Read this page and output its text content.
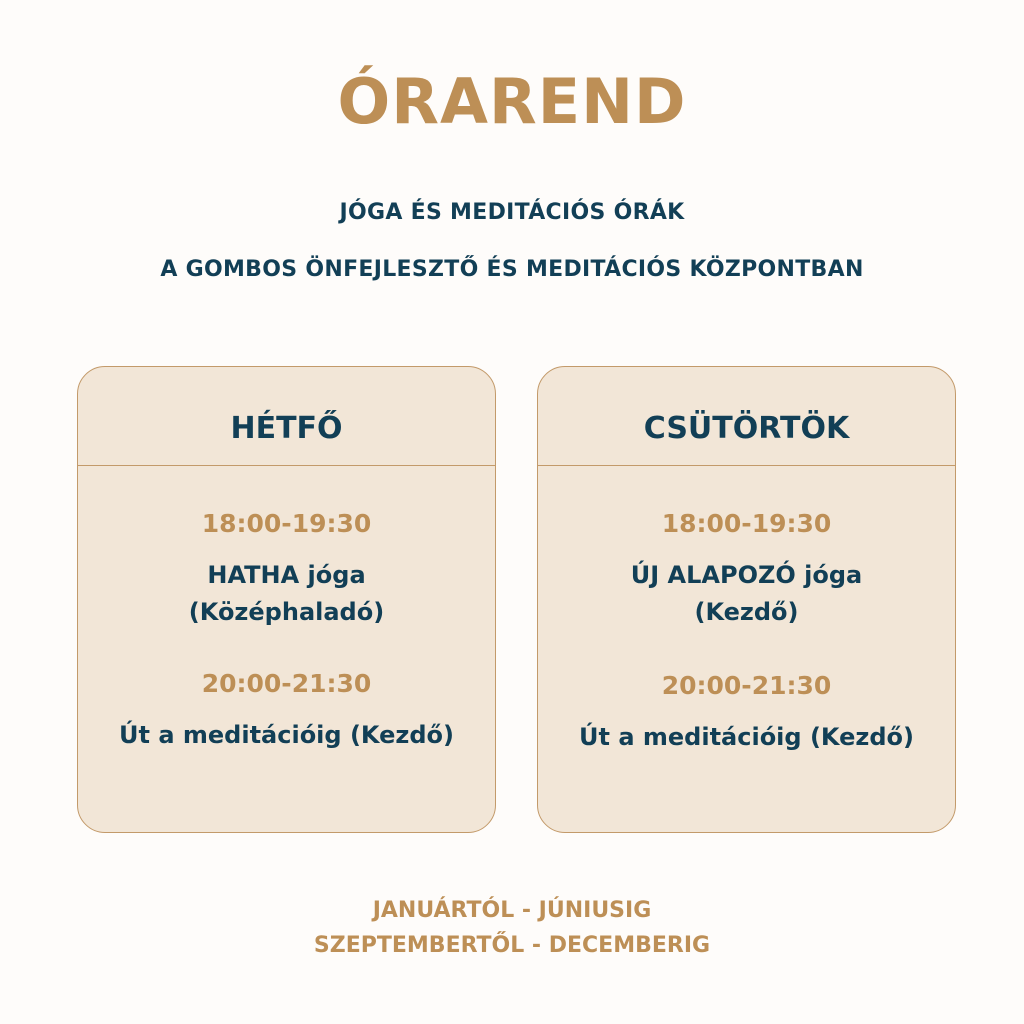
ÓRAREND
JÓGA ÉS MEDITÁCIÓS ÓRÁK
A GOMBOS ÖNFEJLESZTŐ ÉS MEDITÁCIÓS KÖZPONTBAN
HÉTFŐ
18:00-19:30
HATHA jóga
(Középhaladó)
20:00-21:30
Út a meditációig (Kezdő)
CSÜTÖRTÖK
18:00-19:30
ÚJ ALAPOZÓ jóga
(Kezdő)
20:00-21:30
Út a meditációig (Kezdő)
JANUÁRTÓL - JÚNIUSIG
SZEPTEMBERTŐL - DECEMBERIG
